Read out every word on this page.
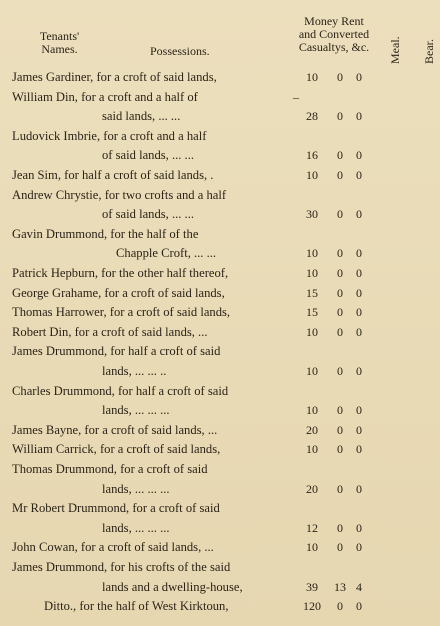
Tenants'
Names.	Possessions.
Money Rent
and Converted
Casualtys, &c.	Meal. Bear.
James Gardiner, for a croft of said lands,	10	0	0
William Din, for a croft and a half of	–
said lands, ... ...	28	0	0
Ludovick Imbrie, for a croft and a half
of said lands, ... ...	16	0	0
Jean Sim, for half a croft of said lands, .	10	0	0
Andrew Chrystie, for two crofts and a half
of said lands, ... ...	30	0	0
Gavin Drummond, for the half of the
Chapple Croft, ... ...	10	0	0
Patrick Hepburn, for the other half thereof,	10	0	0
George Grahame, for a croft of said lands,	15	0	0
Thomas Harrower, for a croft of said lands,	15	0	0
Robert Din, for a croft of said lands, ...	10	0	0
James Drummond, for half a croft of said
lands, ... ... ..	10	0	0
Charles Drummond, for half a croft of said
lands, ... ... ...	10	0	0
James Bayne, for a croft of said lands, ...	20	0	0
William Carrick, for a croft of said lands,	10	0	0
Thomas Drummond, for a croft of said
lands, ... ... ...	20	0	0
Mr Robert Drummond, for a croft of said
lands, ... ... ...	12	0	0
John Cowan, for a croft of said lands, ...	10	0	0
James Drummond, for his crofts of the said
lands and a dwelling-house,	39	13 4
Ditto., for the half of West Kirktoun,	120	0	0
